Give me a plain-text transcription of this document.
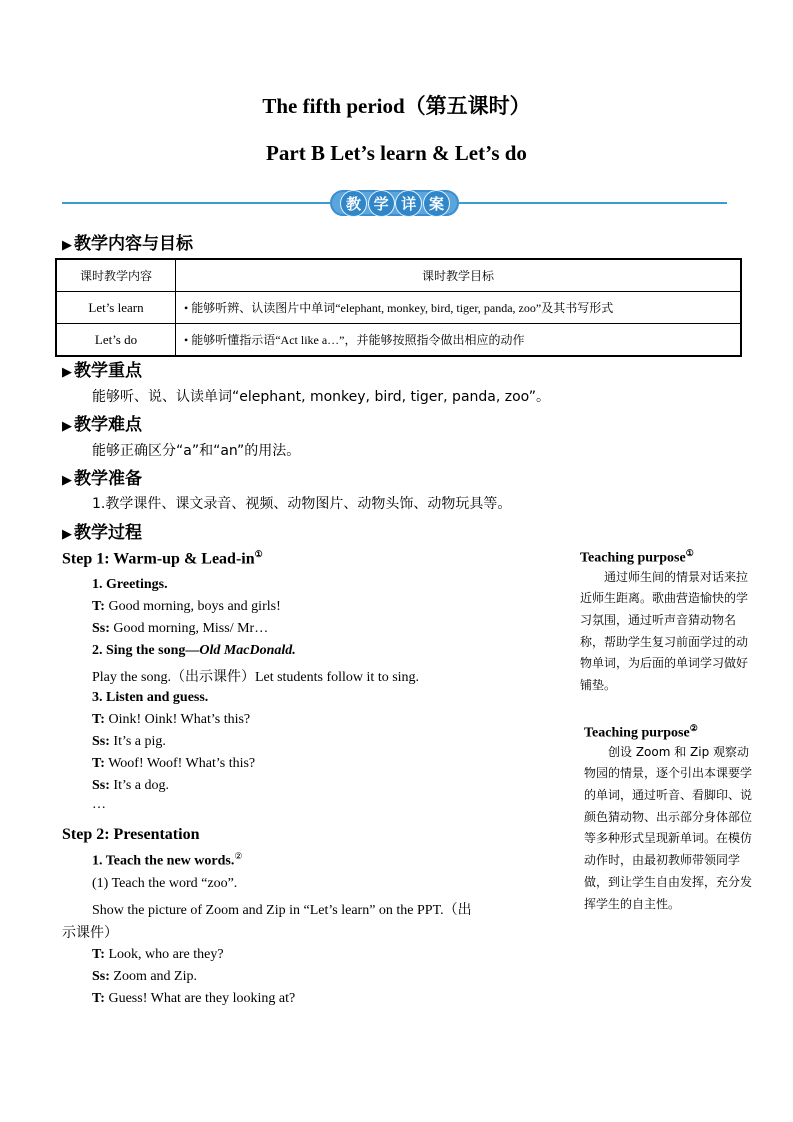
The fifth period（第五课时）
Part B Let’s learn & Let’s do
教 学 详 案
▶ 教学内容与目标
课时教学内容	课时教学目标
Let’s learn	• 能够听辨、认读图片中单词“elephant, monkey, bird, tiger, panda, zoo”及其书写形式
Let’s do	• 能够听懂指示语“Act like a…”，并能够按照指令做出相应的动作
▶ 教学重点
能够听、说、认读单词“elephant, monkey, bird, tiger, panda, zoo”。
▶ 教学难点
能够正确区分“a”和“an”的用法。
▶ 教学准备
1.教学课件、课文录音、视频、动物图片、动物头饰、动物玩具等。
▶ 教学过程
Step 1: Warm-up & Lead-in①
1. Greetings.
T: Good morning, boys and girls!
Ss: Good morning, Miss/ Mr…
2. Sing the song—Old MacDonald.
Play the song.（出示课件）Let students follow it to sing.
3. Listen and guess.
T: Oink! Oink! What’s this?
Ss: It’s a pig.
T: Woof! Woof! What’s this?
Ss: It’s a dog.
…
Step 2: Presentation
1. Teach the new words.②
(1) Teach the word “zoo”.
Show the picture of Zoom and Zip in “Let’s learn” on the PPT.（出
示课件）
T: Look, who are they?
Ss: Zoom and Zip.
T: Guess! What are they looking at?
Teaching purpose①
通过师生间的情景对话来拉近师生距离。歌曲营造愉快的学习氛围，通过听声音猜动物名称，帮助学生复习前面学过的动物单词，为后面的单词学习做好铺垫。
Teaching purpose②
创设 Zoom 和 Zip 观察动物园的情景，逐个引出本课要学的单词，通过听音、看脚印、说颜色猜动物、出示部分身体部位等多种形式呈现新单词。在模仿动作时，由最初教师带领同学做，到让学生自由发挥，充分发挥学生的自主性。
